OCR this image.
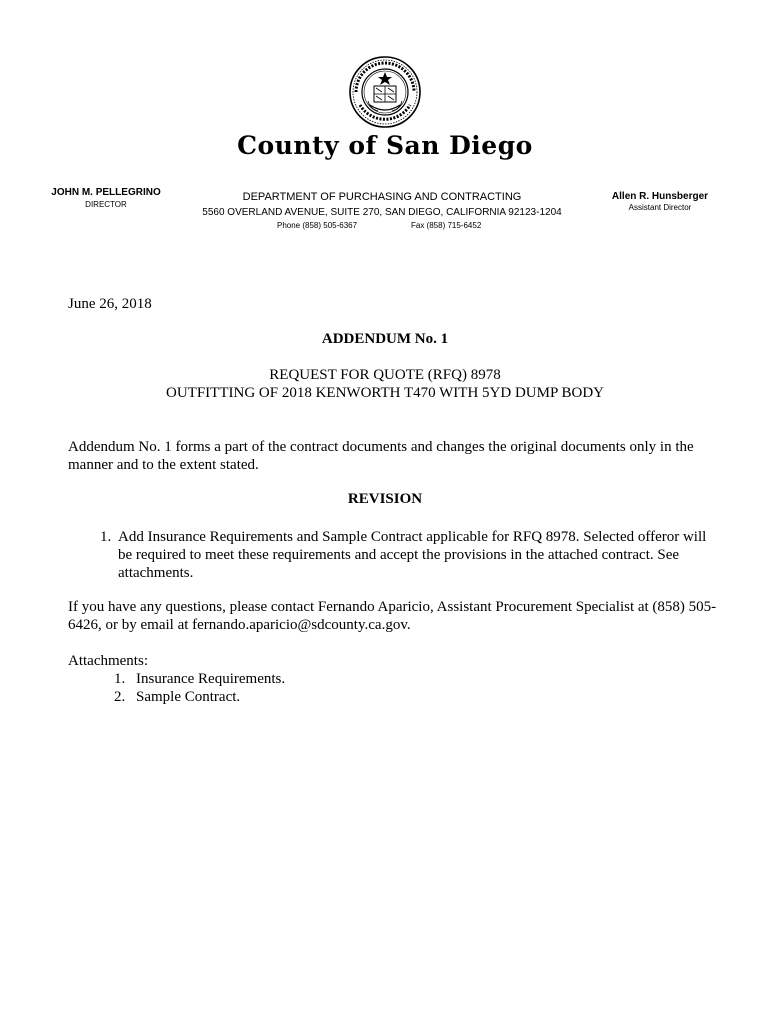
County of San Diego
JOHN M. PELLEGRINO
DIRECTOR
DEPARTMENT OF PURCHASING AND CONTRACTING
5560 OVERLAND AVENUE, SUITE 270, SAN DIEGO, CALIFORNIA 92123-1204
Phone (858) 505-6367	Fax (858) 715-6452
Allen R. Hunsberger
Assistant Director
June 26, 2018
ADDENDUM No. 1
REQUEST FOR QUOTE (RFQ) 8978
OUTFITTING OF 2018 KENWORTH T470 WITH 5YD DUMP BODY

Addendum No. 1 forms a part of the contract documents and changes the original documents only in the manner and to the extent stated.

REVISION
1. Add Insurance Requirements and Sample Contract applicable for RFQ 8978. Selected offeror will be required to meet these requirements and accept the provisions in the attached contract. See attachments.

If you have any questions, please contact Fernando Aparicio, Assistant Procurement Specialist at (858) 505-6426, or by email at fernando.aparicio@sdcounty.ca.gov.

Attachments:
1. Insurance Requirements.
2. Sample Contract.
